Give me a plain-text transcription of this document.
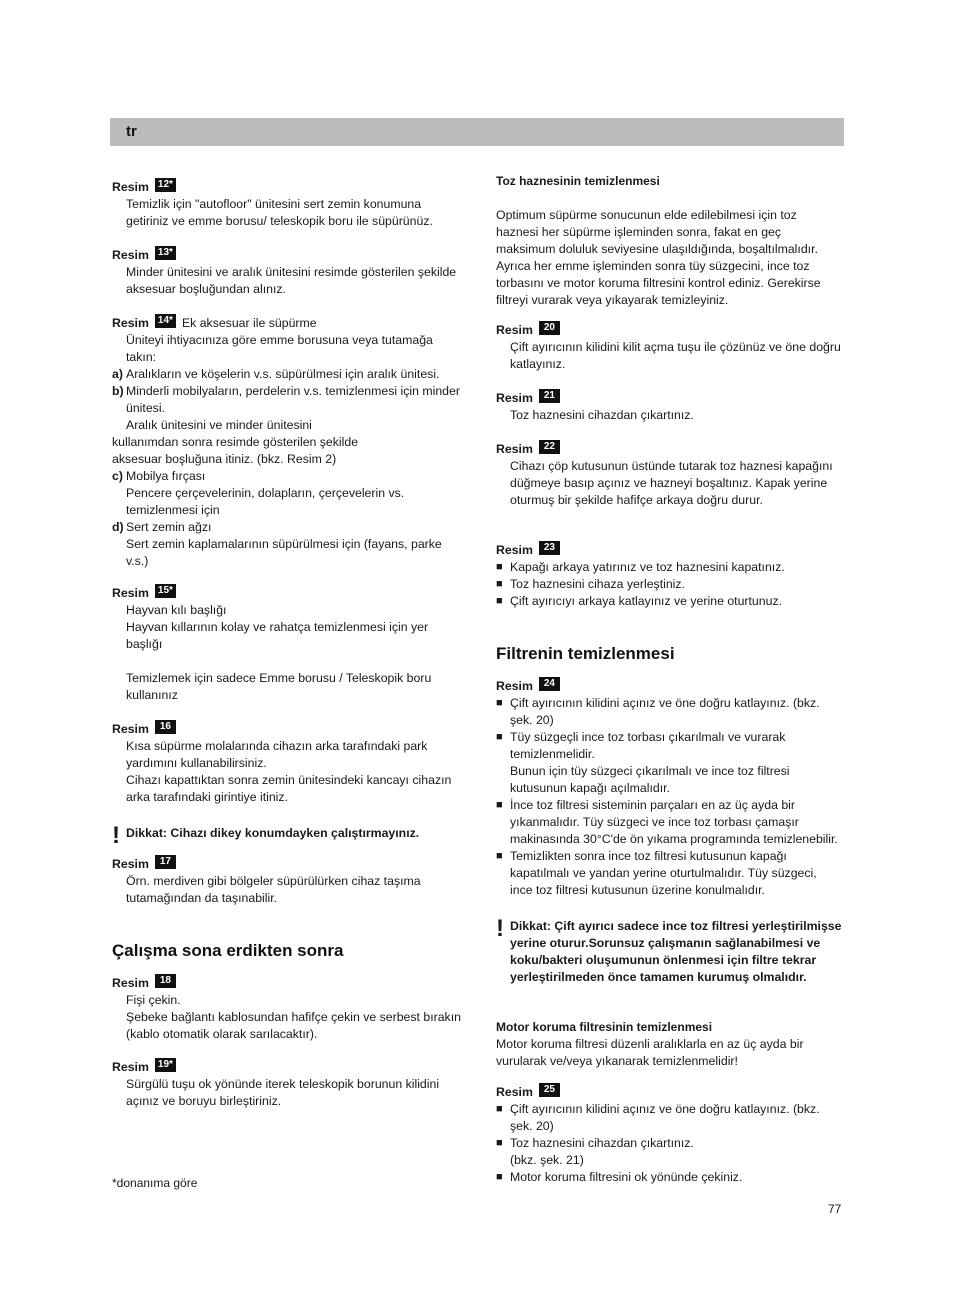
tr
Resim 12*

Temizlik için "autofloor" ünitesini sert zemin konumuna getiriniz ve emme borusu/ teleskopik boru ile süpürünüz.

Resim 13*

Minder ünitesini ve aralık ünitesini resimde gösterilen şekilde aksesuar boşluğundan alınız.

Resim 14* Ek aksesuar ile süpürme

Üniteyi ihtiyacınıza göre emme borusuna veya tutamağa takın:

a) Aralıkların ve köşelerin v.s. süpürülmesi için aralık ünitesi.
b) Minderli mobilyaların, perdelerin v.s. temizlenmesi için minder ünitesi.
Aralık ünitesini ve minder ünitesini
kullanımdan sonra resimde gösterilen şekilde
aksesuar boşluğuna itiniz. (bkz. Resim 2)
c) Mobilya fırçası
Pencere çerçevelerinin, dolapların, çerçevelerin vs. temizlenmesi için
d) Sert zemin ağzı
Sert zemin kaplamalarının süpürülmesi için (fayans, parke v.s.)
Resim 15*
Hayvan kılı başlığı
Hayvan kıllarının kolay ve rahatça temizlenmesi için yer başlığı
Temizlemek için sadece Emme borusu / Teleskopik boru kullanınız
Resim	16
Kısa süpürme molalarında cihazın arka tarafındaki park yardımını kullanabilirsiniz.
Cihazı kapattıktan sonra zemin ünitesindeki kancayı cihazın arka tarafındaki girintiye itiniz.
! Dikkat: Cihazı dikey konumdayken çalıştırmayınız.
Resim	17

Örn. merdiven gibi bölgeler süpürülürken cihaz taşıma tutamağından da taşınabilir.

Çalışma sona erdikten sonra
Resim	18
Fişi çekin.
Şebeke bağlantı kablosundan hafifçe çekin ve serbest bırakın (kablo otomatik olarak sarılacaktır).
Resim 19*

Sürgülü tuşu ok yönünde iterek teleskopik borunun kilidini açınız ve boruyu birleştiriniz.

*donanıma göre
Toz haznesinin temizlenmesi

Optimum süpürme sonucunun elde edilebilmesi için toz haznesi her süpürme işleminden sonra, fakat en geç maksimum doluluk seviyesine ulaşıldığında, boşaltılmalıdır. Ayrıca her emme işleminden sonra tüy süzgecini, ince toz torbasını ve motor koruma filtresini kontrol ediniz. Gerekirse filtreyi vurarak veya yıkayarak temizleyiniz.

Resim	20

Çift ayırıcının kilidini kilit açma tuşu ile çözünüz ve öne doğru katlayınız.

Resim	21

Toz haznesini cihazdan çıkartınız.

Resim	22

Cihazı çöp kutusunun üstünde tutarak toz haznesi kapağını düğmeye basıp açınız ve hazneyi boşaltınız. Kapak yerine oturmuş bir şekilde hafifçe arkaya doğru durur.

Resim	23
■ Kapağı arkaya yatırınız ve toz haznesini kapatınız.
■ Toz haznesini cihaza yerleştiniz.
■ Çift ayırıcıyı arkaya katlayınız ve yerine oturtunuz.
Filtrenin temizlenmesi
Resim	24
■ Çift ayırıcının kilidini açınız ve öne doğru katlayınız. (bkz. şek. 20)
■ Tüy süzgeçli ince toz torbası çıkarılmalı ve vurarak temizlenmelidir.
Bunun için tüy süzgeci çıkarılmalı ve ince toz filtresi kutusunun kapağı açılmalıdır.
■ İnce toz filtresi sisteminin parçaları en az üç ayda bir yıkanmalıdır. Tüy süzgeci ve ince toz torbası çamaşır makinasında 30°C'de ön yıkama programında temizlenebilir.
■ Temizlikten sonra ince toz filtresi kutusunun kapağı kapatılmalı ve yandan yerine oturtulmalıdır. Tüy süzgeci, ince toz filtresi kutusunun üzerine konulmalıdır.
! Dikkat: Çift ayırıcı sadece ince toz filtresi yerleştirilmişse yerine oturur.Sorunsuz çalışmanın sağlanabilmesi ve koku/bakteri oluşumunun önlenmesi için filtre tekrar yerleştirilmeden önce tamamen kurumuş olmalıdır.
Motor koruma filtresinin temizlenmesi

Motor koruma filtresi düzenli aralıklarla en az üç ayda bir vurularak ve/veya yıkanarak temizlenmelidir!

Resim	25
■ Çift ayırıcının kilidini açınız ve öne doğru katlayınız. (bkz. şek. 20)
■ Toz haznesini cihazdan çıkartınız.
(bkz. şek. 21)
■ Motor koruma filtresini ok yönünde çekiniz.
77
